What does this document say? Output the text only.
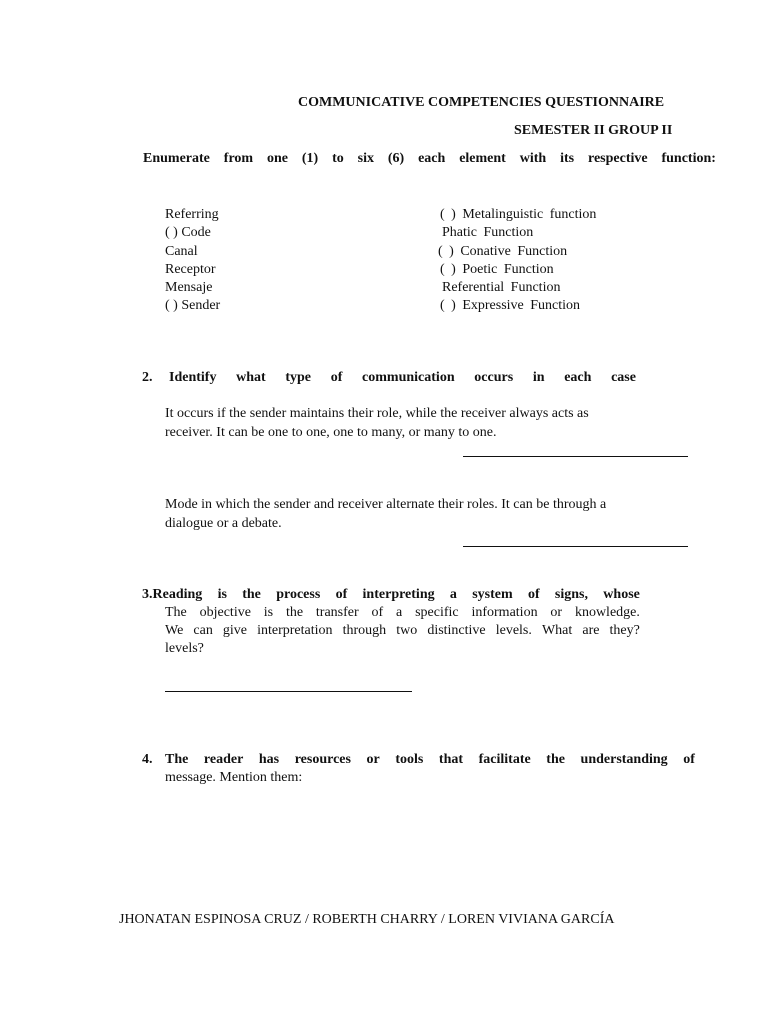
COMMUNICATIVE COMPETENCIES QUESTIONNAIRE
SEMESTER II GROUP II
Enumerate from one (1) to six (6) each element with its respective function:
Referring
( ) Code
Canal
Receptor
Mensaje
( ) Sender
( ) Metalinguistic function
Phatic Function
( ) Conative Function
( ) Poetic Function
Referential Function
( ) Expressive Function
2. Identify what type of communication occurs in each case
It occurs if the sender maintains their role, while the receiver always acts as
receiver. It can be one to one, one to many, or many to one.
Mode in which the sender and receiver alternate their roles. It can be through a
dialogue or a debate.
3.Reading is the process of interpreting a system of signs, whose
The objective is the transfer of a specific information or knowledge.
We can give interpretation through two distinctive levels. What are they?
levels?
4. The reader has resources or tools that facilitate the understanding of
message. Mention them:
JHONATAN ESPINOSA CRUZ / ROBERTH CHARRY / LOREN VIVIANA GARCÍA
